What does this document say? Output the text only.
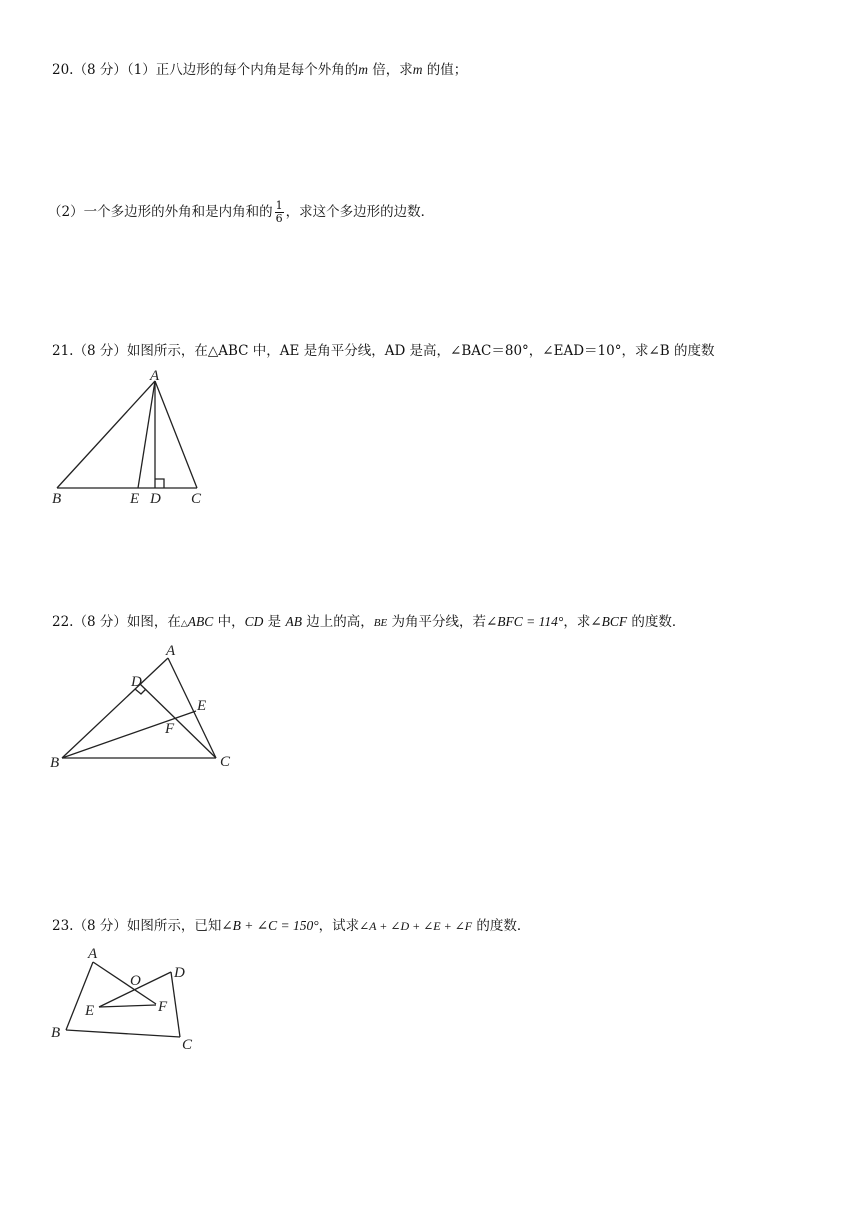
20.（8 分）（1）正八边形的每个内角是每个外角的m 倍，求m 的值；
（2）一个多边形的外角和是内角和的 $\frac{1}{6}$ ，求这个多边形的边数．
21.（8 分）如图所示，在△ABC 中，AE 是角平分线，AD 是高，∠BAC＝80°，∠EAD＝10°，求∠B 的度数
A
B	E D C
22.（8 分）如图，在△ABC 中，CD 是 AB 边上的高，BE 为角平分线，若∠BFC = 114°，求∠BCF 的度数．
A
D
E
F
B	C
23.（8 分）如图所示，已知∠B + ∠C = 150°，试求∠A + ∠D + ∠E + ∠F 的度数．
A
O D
E	F
B
C
